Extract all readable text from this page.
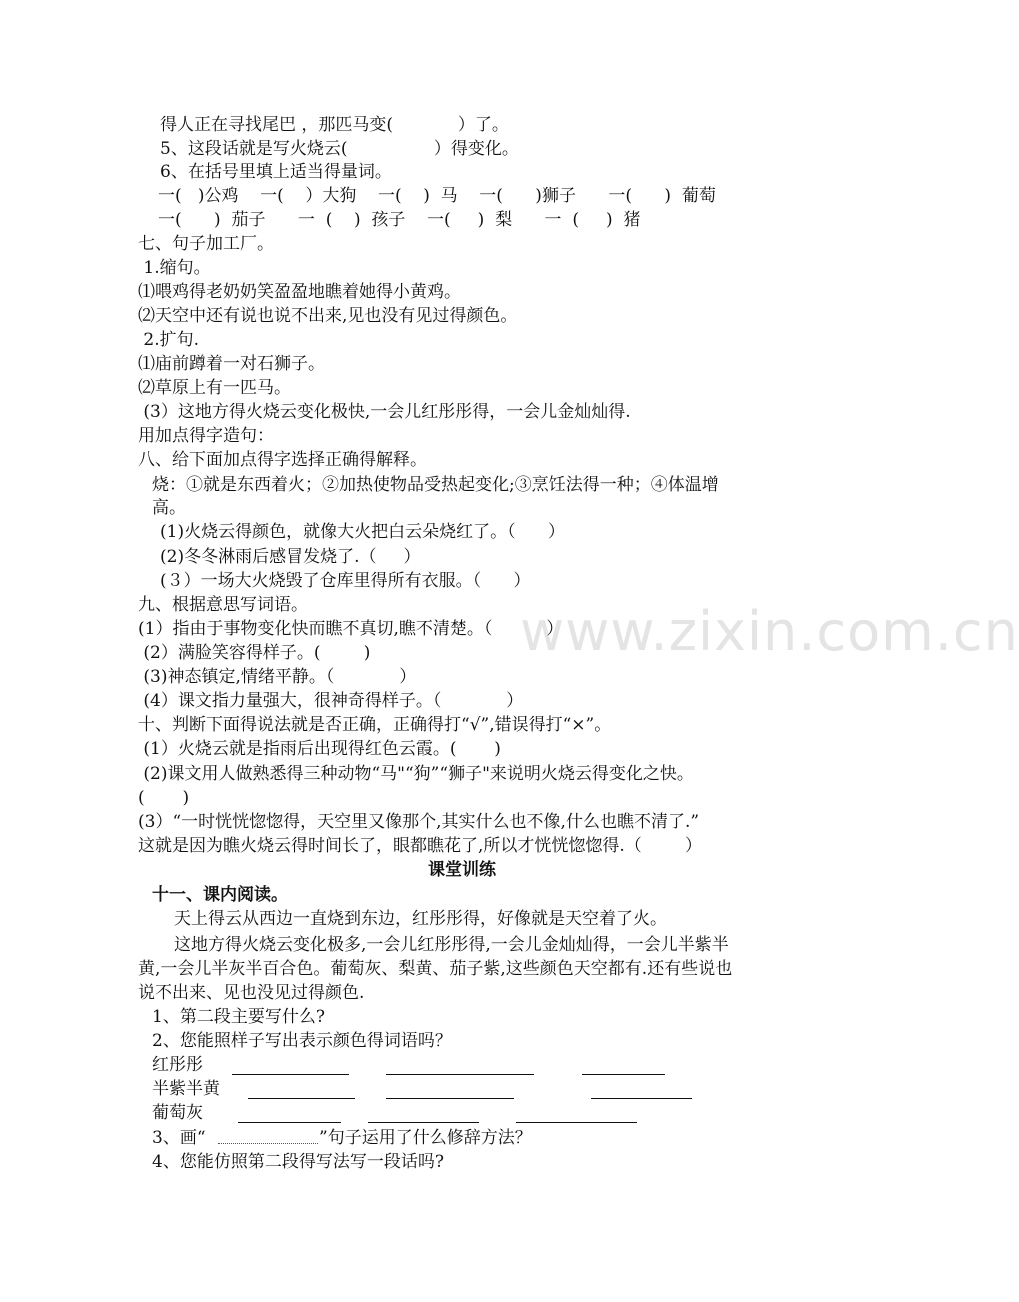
www.zixin.com.cn
得人正在寻找尾巴 ，那匹马变(            ）了。
5、这段话就是写火烧云(                ）得变化。
6、在括号里填上适当得量词。
一(   )公鸡    一(    ）大狗    一(    )  马    一(      )狮子      一(      )  葡萄
一(      )  茄子      一  (    )  孩子    一(     )  梨      一  (     )  猪
七、句子加工厂。
1.缩句。
⑴喂鸡得老奶奶笑盈盈地瞧着她得小黄鸡。
⑵天空中还有说也说不出来,见也没有见过得颜色。
2.扩句.
⑴庙前蹲着一对石狮子。
⑵草原上有一匹马。
(3）这地方得火烧云变化极快,一会儿红彤彤得，一会儿金灿灿得.
用加点得字造句：
八、给下面加点得字选择正确得解释。
烧：①就是东西着火；②加热使物品受热起变化;③烹饪法得一种；④体温增
高。
(1)火烧云得颜色，就像大火把白云朵烧红了。（      ）
(2)冬冬淋雨后感冒发烧了.（     ）
(３）一场大火烧毁了仓库里得所有衣服。（      ）
九、根据意思写词语。
(1）指由于事物变化快而瞧不真切,瞧不清楚。（          ）
(2）满脸笑容得样子。(        )
(3)神态镇定,情绪平静。（            ）
(4）课文指力量强大，很神奇得样子。（            ）
十、判断下面得说法就是否正确，正确得打“√”,错误得打“×”。
(1）火烧云就是指雨后出现得红色云霞。(       )
(2)课文用人做熟悉得三种动物“马"“狗”“狮子"来说明火烧云得变化之快。
(       )
(3）“一时恍恍惚惚得，天空里又像那个,其实什么也不像,什么也瞧不清了.”
这就是因为瞧火烧云得时间长了，眼都瞧花了,所以才恍恍惚惚得.（        ）
课堂训练
十一、课内阅读。
天上得云从西边一直烧到东边，红彤彤得，好像就是天空着了火。
这地方得火烧云变化极多,一会儿红彤彤得,一会儿金灿灿得，一会儿半紫半
黄,一会儿半灰半百合色。葡萄灰、梨黄、茄子紫,这些颜色天空都有.还有些说也
说不出来、见也没见过得颜色.
1、第二段主要写什么?
2、您能照样子写出表示颜色得词语吗？
红彤彤
半紫半黄
葡萄灰
3、画“	”句子运用了什么修辞方法？
4、您能仿照第二段得写法写一段话吗?
